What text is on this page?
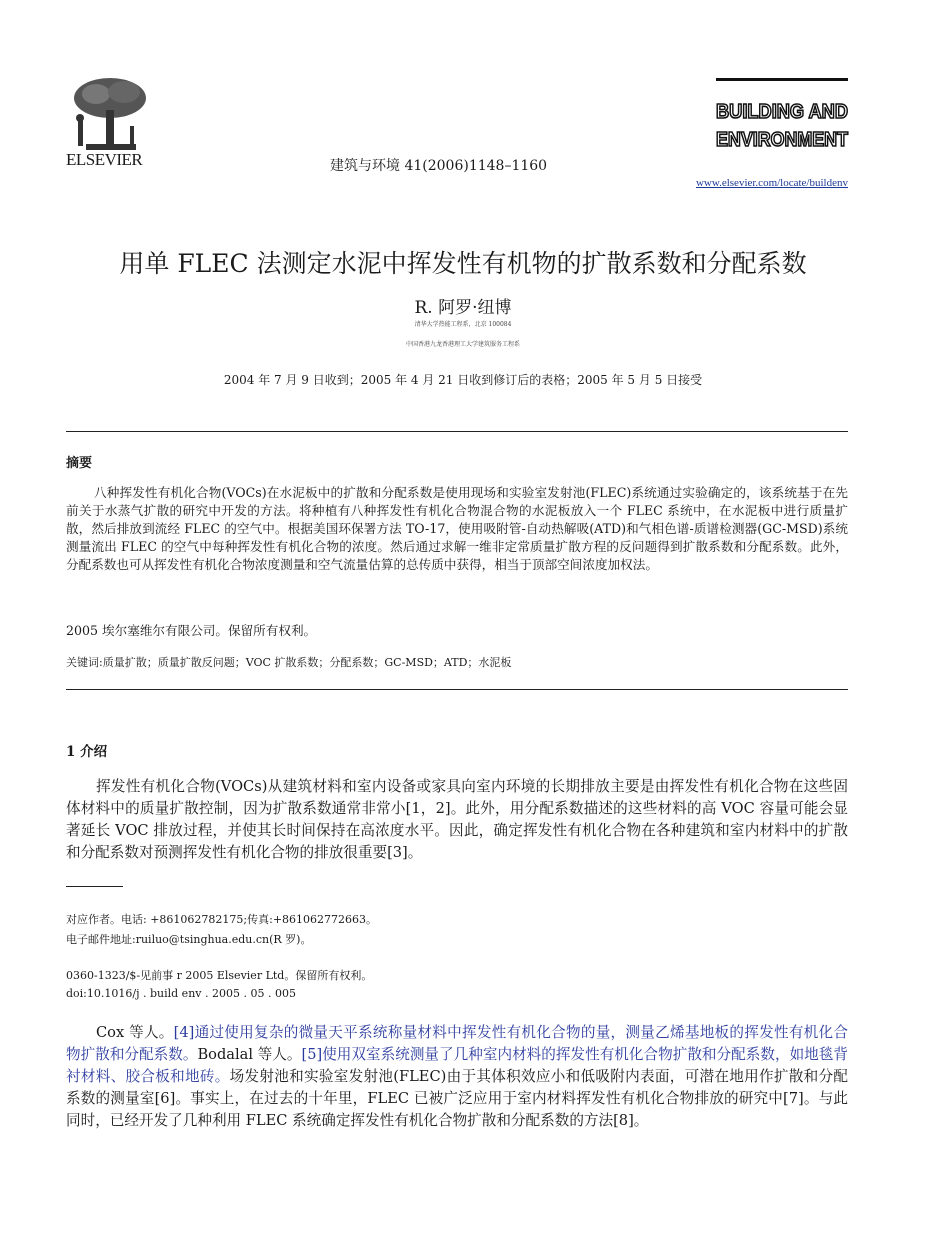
ELSEVIER	建筑与环境 41(2006)1148–1160
BUILDING AND
ENVIRONMENT
www.elsevier.com/locate/buildenv
用单 FLEC 法测定水泥中挥发性有机物的扩散系数和分配系数
R. 阿罗·纽博
清华大学热能工程系，北京 100084
中国香港九龙香港理工大学建筑服务工程系
2004 年 7 月 9 日收到；2005 年 4 月 21 日收到修订后的表格；2005 年 5 月 5 日接受
摘要
八种挥发性有机化合物(VOCs)在水泥板中的扩散和分配系数是使用现场和实验室发射池(FLEC)系统通过实验确定的，该系统基于在先前关于水蒸气扩散的研究中开发的方法。将种植有八种挥发性有机化合物混合物的水泥板放入一个 FLEC 系统中，在水泥板中进行质量扩散，然后排放到流经 FLEC 的空气中。根据美国环保署方法 TO-17，使用吸附管-自动热解吸(ATD)和气相色谱-质谱检测器(GC-MSD)系统测量流出 FLEC 的空气中每种挥发性有机化合物的浓度。然后通过求解一维非定常质量扩散方程的反问题得到扩散系数和分配系数。此外，分配系数也可从挥发性有机化合物浓度测量和空气流量估算的总传质中获得，相当于顶部空间浓度加权法。
2005 埃尔塞维尔有限公司。保留所有权利。
关键词:质量扩散；质量扩散反问题；VOC 扩散系数；分配系数；GC-MSD；ATD；水泥板
1 介绍
挥发性有机化合物(VOCs)从建筑材料和室内设备或家具向室内环境的长期排放主要是由挥发性有机化合物在这些固体材料中的质量扩散控制，因为扩散系数通常非常小[1，2]。此外，用分配系数描述的这些材料的高 VOC 容量可能会显著延长 VOC 排放过程，并使其长时间保持在高浓度水平。因此，确定挥发性有机化合物在各种建筑和室内材料中的扩散和分配系数对预测挥发性有机化合物的排放很重要[3]。
对应作者。电话: +861062782175;传真:+861062772663。
电子邮件地址:ruiluo@tsinghua.edu.cn(R 罗)。
0360-1323/$-见前事 r 2005 Elsevier Ltd。保留所有权利。
doi:10.1016/j . build env . 2005 . 05 . 005
Cox 等人。[4]通过使用复杂的微量天平系统称量材料中挥发性有机化合物的量，测量乙烯基地板的挥发性有机化合物扩散和分配系数。Bodalal 等人。[5]使用双室系统测量了几种室内材料的挥发性有机化合物扩散和分配系数，如地毯背衬材料、胶合板和地砖。场发射池和实验室发射池(FLEC)由于其体积效应小和低吸附内表面，可潜在地用作扩散和分配系数的测量室[6]。事实上，在过去的十年里，FLEC 已被广泛应用于室内材料挥发性有机化合物排放的研究中[7]。与此同时，已经开发了几种利用 FLEC 系统确定挥发性有机化合物扩散和分配系数的方法[8]。
